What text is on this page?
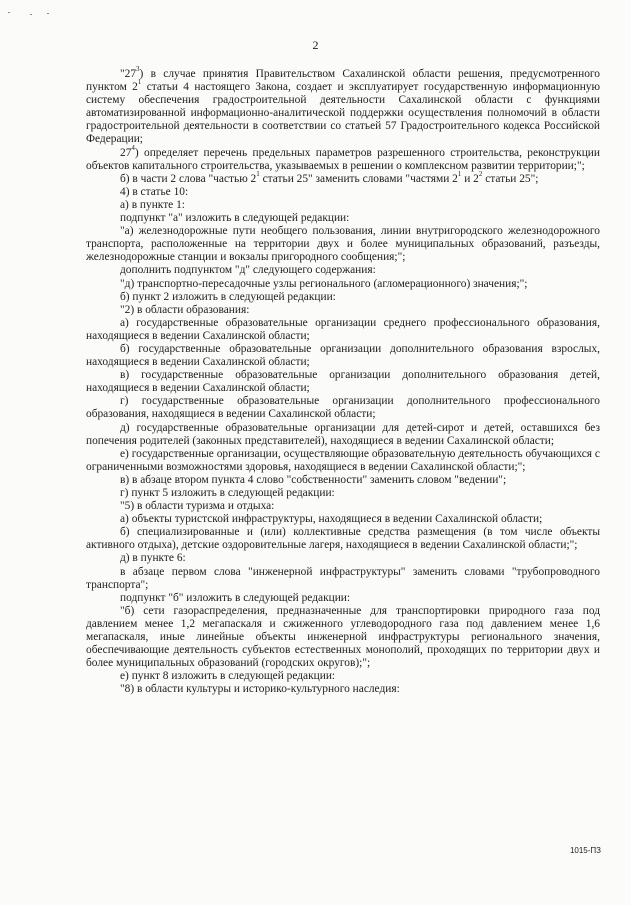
2

"$27^3$) в случае принятия Правительством Сахалинской области решения, предусмотренного пунктом $2^1$ статьи 4 настоящего Закона, создает и эксплуатирует государственную информационную систему обеспечения градостроительной деятельности Сахалинской области с функциями автоматизированной информационно-аналитической поддержки осуществления полномочий в области градостроительной деятельности в соответствии со статьей 57 Градостроительного кодекса Российской Федерации;

$27^4$) определяет перечень предельных параметров разрешенного строительства, реконструкции объектов капитального строительства, указываемых в решении о комплексном развитии территории;";

б) в части 2 слова "частью $2^1$ статьи 25" заменить словами "частями $2^1$ и $2^2$ статьи 25";

4) в статье 10:

а) в пункте 1:

подпункт "а" изложить в следующей редакции:

"а) железнодорожные пути необщего пользования, линии внутригородского железнодорожного транспорта, расположенные на территории двух и более муниципальных образований, разъезды, железнодорожные станции и вокзалы пригородного сообщения;";

дополнить подпунктом "д" следующего содержания:

"д) транспортно-пересадочные узлы регионального (агломерационного) значения;";

б) пункт 2 изложить в следующей редакции:

"2) в области образования:

а) государственные образовательные организации среднего профессионального образования, находящиеся в ведении Сахалинской области;

б) государственные образовательные организации дополнительного образования взрослых, находящиеся в ведении Сахалинской области;

в) государственные образовательные организации дополнительного образования детей, находящиеся в ведении Сахалинской области;

г) государственные образовательные организации дополнительного профессионального образования, находящиеся в ведении Сахалинской области;

д) государственные образовательные организации для детей-сирот и детей, оставшихся без попечения родителей (законных представителей), находящиеся в ведении Сахалинской области;

е) государственные организации, осуществляющие образовательную деятельность обучающихся с ограниченными возможностями здоровья, находящиеся в ведении Сахалинской области;";

в) в абзаце втором пункта 4 слово "собственности" заменить словом "ведении";

г) пункт 5 изложить в следующей редакции:

"5) в области туризма и отдыха:

а) объекты туристской инфраструктуры, находящиеся в ведении Сахалинской области;

б) специализированные и (или) коллективные средства размещения (в том числе объекты активного отдыха), детские оздоровительные лагеря, находящиеся в ведении Сахалинской области;";

д) в пункте 6:

в абзаце первом слова "инженерной инфраструктуры" заменить словами "трубопроводного транспорта";

подпункт "б" изложить в следующей редакции:

"б) сети газораспределения, предназначенные для транспортировки природного газа под давлением менее 1,2 мегапаскаля и сжиженного углеводородного газа под давлением менее 1,6 мегапаскаля, иные линейные объекты инженерной инфраструктуры регионального значения, обеспечивающие деятельность субъектов естественных монополий, проходящих по территории двух и более муниципальных образований (городских округов);";

е) пункт 8 изложить в следующей редакции:

"8) в области культуры и историко-культурного наследия:

1015-ПЗ
